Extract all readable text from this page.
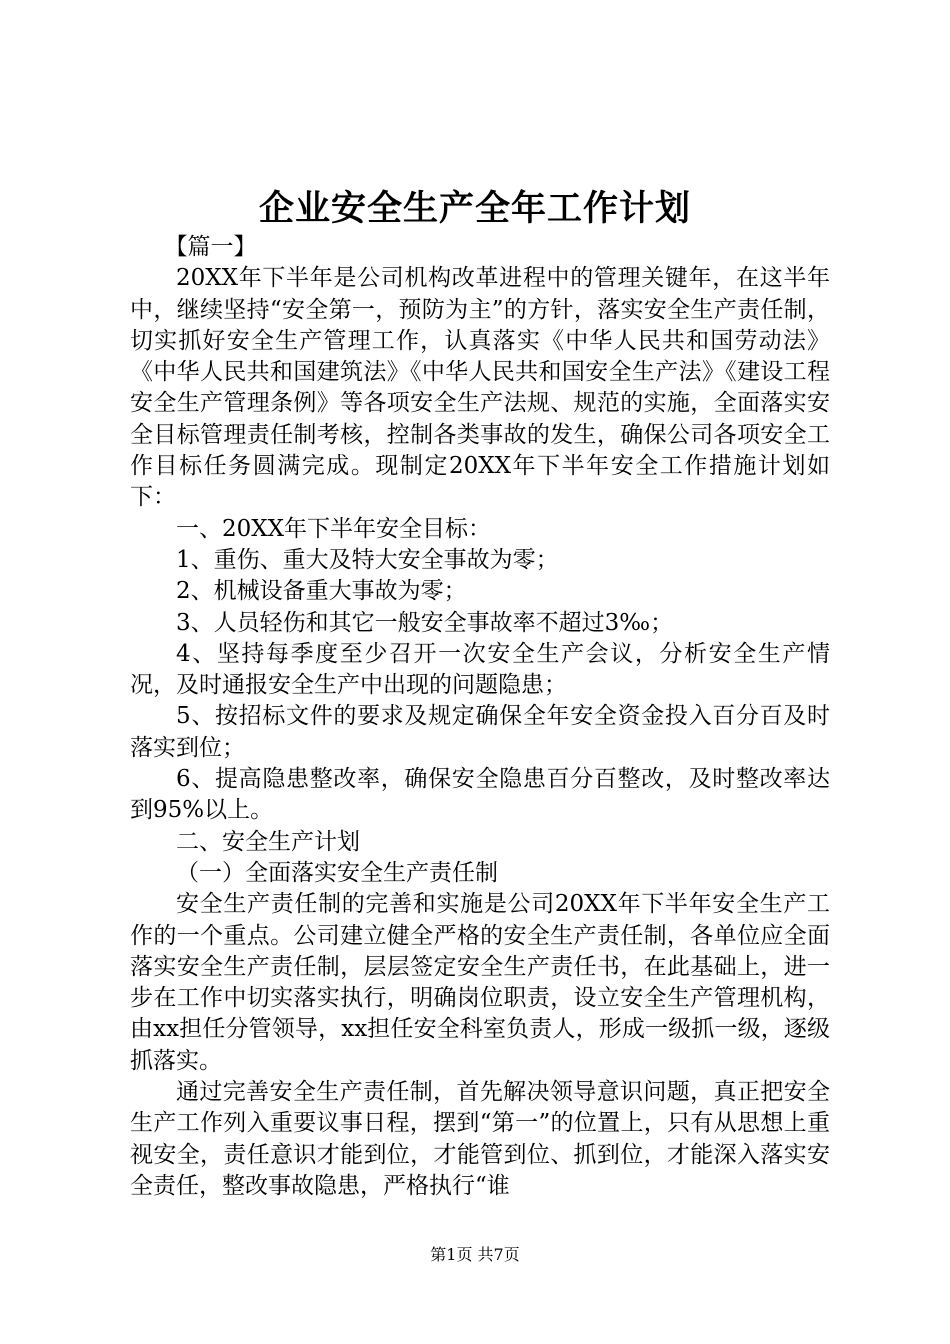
企业安全生产全年工作计划

【篇一】

20XX年下半年是公司机构改革进程中的管理关键年，在这半年中，继续坚持“安全第一，预防为主”的方针，落实安全生产责任制，切实抓好安全生产管理工作，认真落实《中华人民共和国劳动法》《中华人民共和国建筑法》《中华人民共和国安全生产法》《建设工程安全生产管理条例》等各项安全生产法规、规范的实施，全面落实安全目标管理责任制考核，控制各类事故的发生，确保公司各项安全工作目标任务圆满完成。现制定20XX年下半年安全工作措施计划如下：

一、20XX年下半年安全目标：

1、重伤、重大及特大安全事故为零；

2、机械设备重大事故为零；

3、人员轻伤和其它一般安全事故率不超过3‰；

4、坚持每季度至少召开一次安全生产会议，分析安全生产情况，及时通报安全生产中出现的问题隐患；

5、按招标文件的要求及规定确保全年安全资金投入百分百及时落实到位；

6、提高隐患整改率，确保安全隐患百分百整改，及时整改率达到95%以上。

二、安全生产计划

（一）全面落实安全生产责任制

安全生产责任制的完善和实施是公司20XX年下半年安全生产工作的一个重点。公司建立健全严格的安全生产责任制，各单位应全面落实安全生产责任制，层层签定安全生产责任书，在此基础上，进一步在工作中切实落实执行，明确岗位职责，设立安全生产管理机构，由xx担任分管领导，xx担任安全科室负责人，形成一级抓一级，逐级抓落实。

通过完善安全生产责任制，首先解决领导意识问题，真正把安全生产工作列入重要议事日程，摆到“第一”的位置上，只有从思想上重视安全，责任意识才能到位，才能管到位、抓到位，才能深入落实安全责任，整改事故隐患，严格执行“谁

第1页 共7页
